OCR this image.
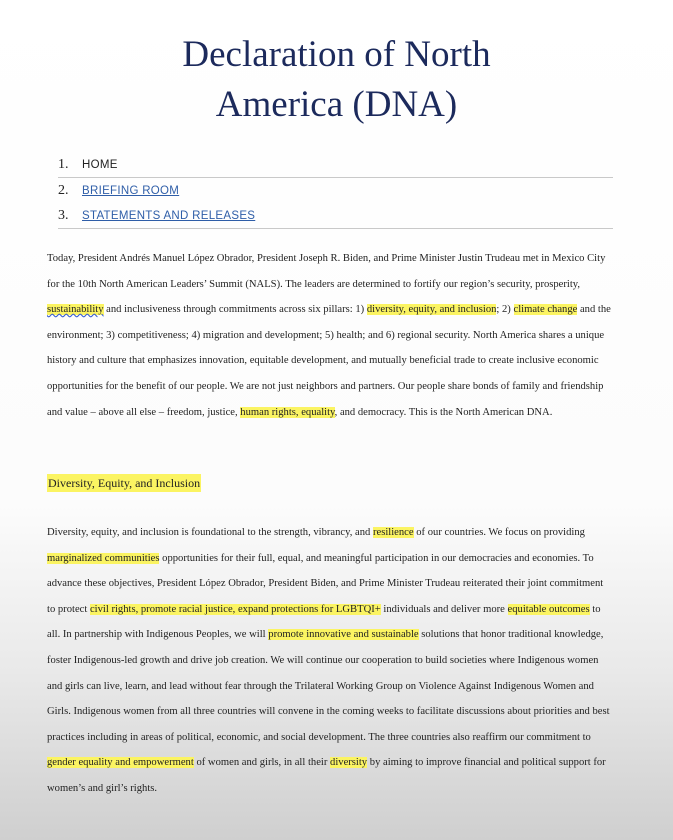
Declaration of North
America (DNA)
1.	HOME
2.	BRIEFING ROOM
3.	STATEMENTS AND RELEASES

Today, President Andrés Manuel López Obrador, President Joseph R. Biden, and Prime Minister Justin Trudeau met in Mexico City for the 10th North American Leaders’ Summit (NALS). The leaders are determined to fortify our region’s security, prosperity, sustainability and inclusiveness through commitments across six pillars: 1) diversity, equity, and inclusion; 2) climate change and the environment; 3) competitiveness; 4) migration and development; 5) health; and 6) regional security. North America shares a unique history and culture that emphasizes innovation, equitable development, and mutually beneficial trade to create inclusive economic opportunities for the benefit of our people. We are not just neighbors and partners. Our people share bonds of family and friendship and value – above all else – freedom, justice, human rights, equality, and democracy. This is the North American DNA.

Diversity, Equity, and Inclusion

Diversity, equity, and inclusion is foundational to the strength, vibrancy, and resilience of our countries. We focus on providing marginalized communities opportunities for their full, equal, and meaningful participation in our democracies and economies. To advance these objectives, President López Obrador, President Biden, and Prime Minister Trudeau reiterated their joint commitment to protect civil rights, promote racial justice, expand protections for LGBTQI+ individuals and deliver more equitable outcomes to all. In partnership with Indigenous Peoples, we will promote innovative and sustainable solutions that honor traditional knowledge, foster Indigenous-led growth and drive job creation. We will continue our cooperation to build societies where Indigenous women and girls can live, learn, and lead without fear through the Trilateral Working Group on Violence Against Indigenous Women and Girls. Indigenous women from all three countries will convene in the coming weeks to facilitate discussions about priorities and best practices including in areas of political, economic, and social development. The three countries also reaffirm our commitment to gender equality and empowerment of women and girls, in all their diversity by aiming to improve financial and political support for women’s and girl’s rights.
